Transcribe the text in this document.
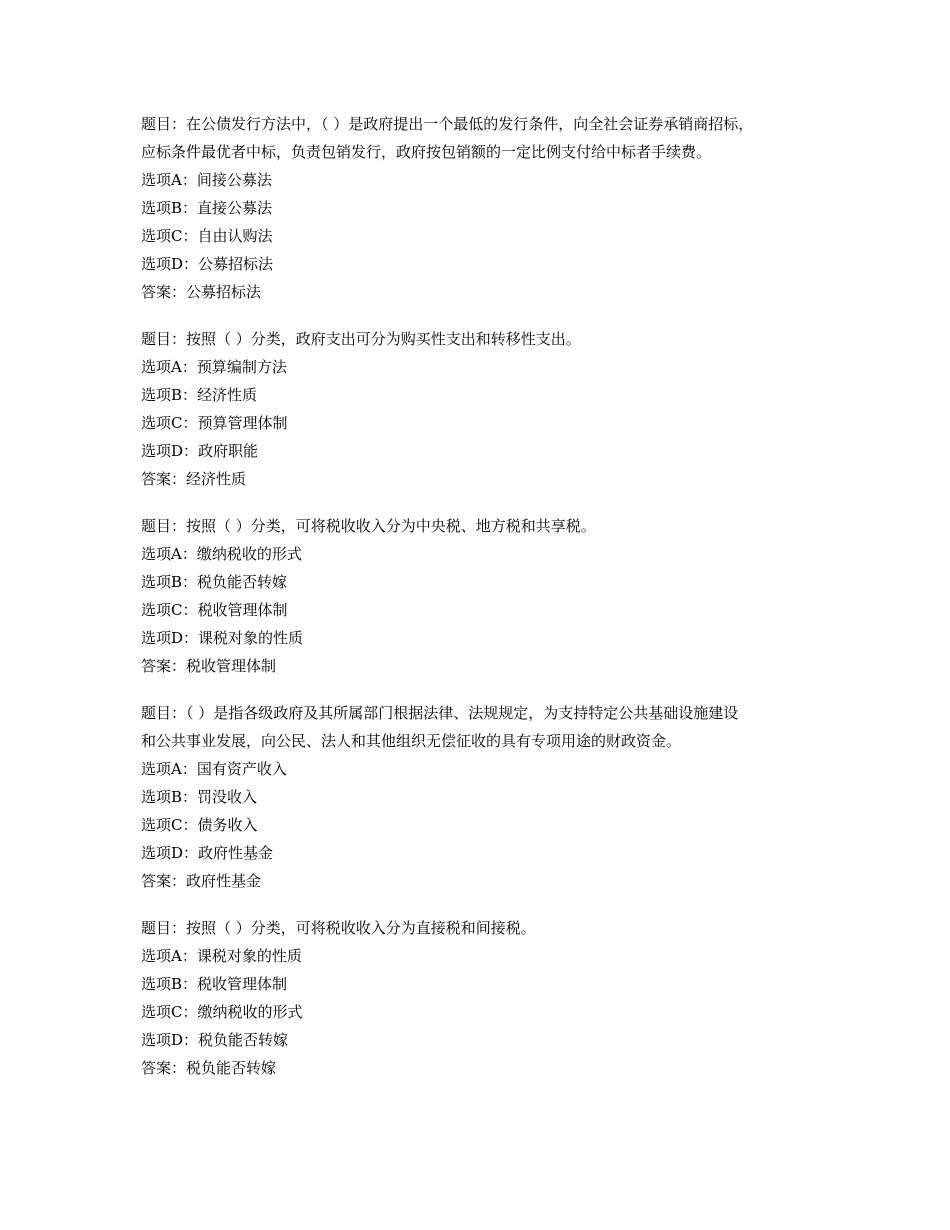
题目：在公债发行方法中，（ ）是政府提出一个最低的发行条件，向全社会证券承销商招标，
应标条件最优者中标，负责包销发行，政府按包销额的一定比例支付给中标者手续费。
选项A：间接公募法
选项B：直接公募法
选项C：自由认购法
选项D：公募招标法
答案：公募招标法
题目：按照（ ）分类，政府支出可分为购买性支出和转移性支出。
选项A：预算编制方法
选项B：经济性质
选项C：预算管理体制
选项D：政府职能
答案：经济性质
题目：按照（ ）分类，可将税收收入分为中央税、地方税和共享税。
选项A：缴纳税收的形式
选项B：税负能否转嫁
选项C：税收管理体制
选项D：课税对象的性质
答案：税收管理体制
题目：（ ）是指各级政府及其所属部门根据法律、法规规定，为支持特定公共基础设施建设
和公共事业发展，向公民、法人和其他组织无偿征收的具有专项用途的财政资金。
选项A：国有资产收入
选项B：罚没收入
选项C：债务收入
选项D：政府性基金
答案：政府性基金
题目：按照（ ）分类，可将税收收入分为直接税和间接税。
选项A：课税对象的性质
选项B：税收管理体制
选项C：缴纳税收的形式
选项D：税负能否转嫁
答案：税负能否转嫁
